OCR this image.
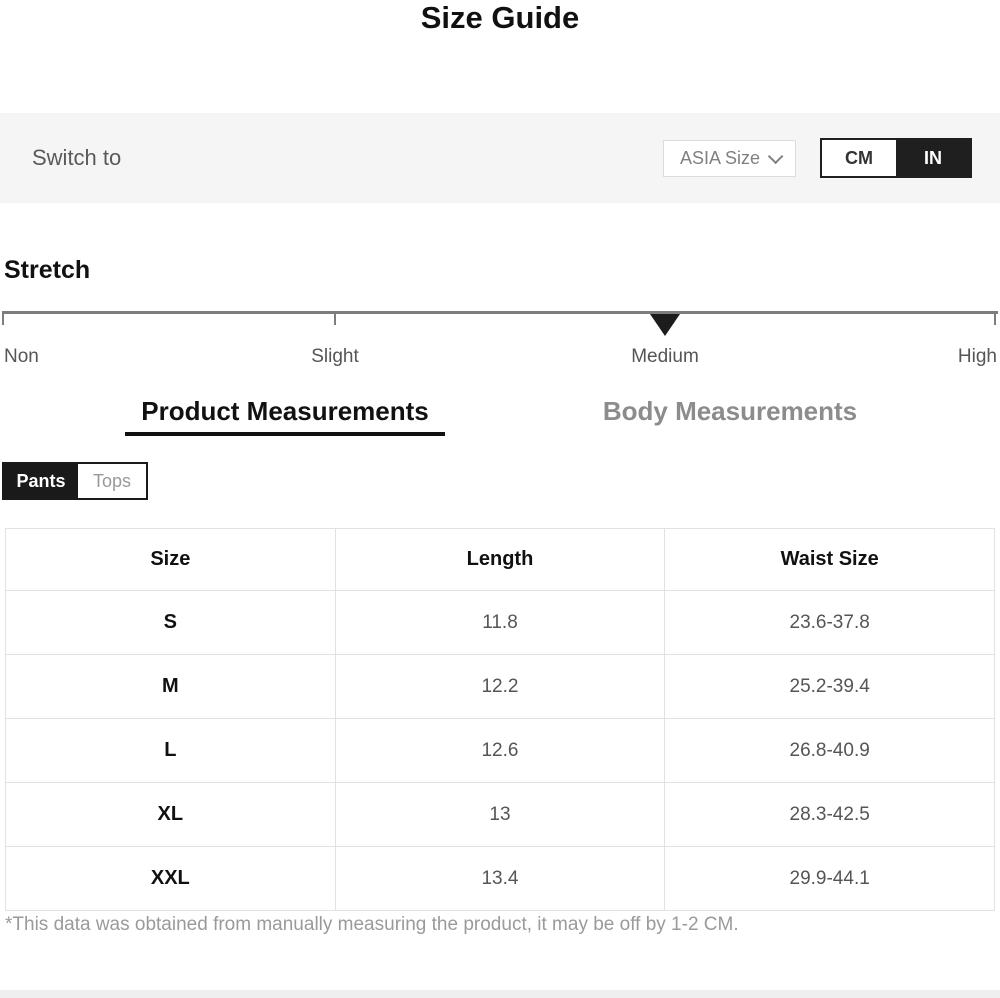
Size Guide
Switch to	ASIA Size	CM	IN
Stretch
Non	Slight	Medium	High
Product Measurements	Body Measurements
Pants	Tops
Size	Length	Waist Size
S	11.8	23.6-37.8
M	12.2	25.2-39.4
L	12.6	26.8-40.9
XL	13	28.3-42.5
XXL	13.4	29.9-44.1
*This data was obtained from manually measuring the product, it may be off by 1-2 CM.
